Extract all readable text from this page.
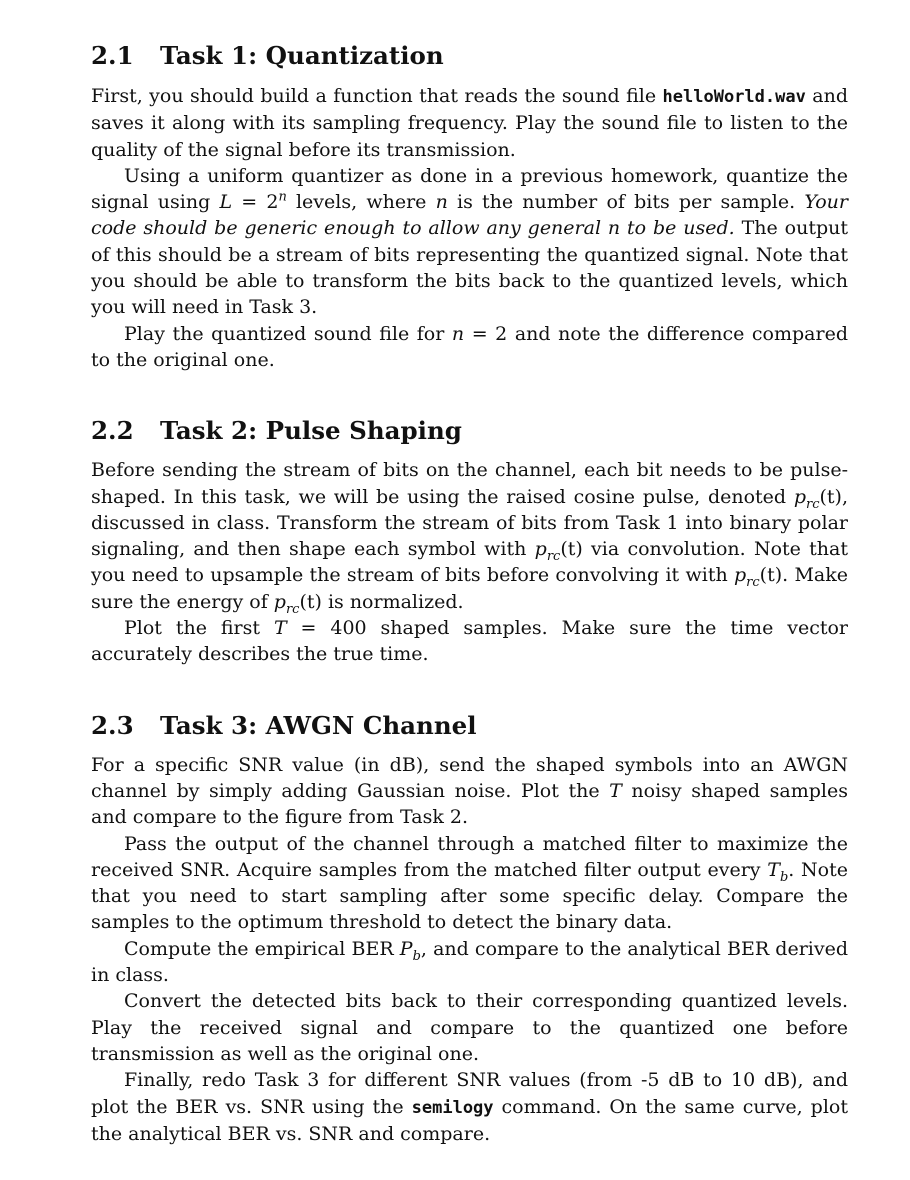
2.1 Task 1: Quantization

First, you should build a function that reads the sound file helloWorld.wav and saves it along with its sampling frequency. Play the sound file to listen to the quality of the signal before its transmission.

Using a uniform quantizer as done in a previous homework, quantize the signal using $L = 2^n$ levels, where n is the number of bits per sample. Your code should be generic enough to allow any general n to be used. The output of this should be a stream of bits representing the quantized signal. Note that you should be able to transform the bits back to the quantized levels, which you will need in Task 3.

Play the quantized sound file for n = 2 and note the difference compared to the original one.

2.2 Task 2: Pulse Shaping

Before sending the stream of bits on the channel, each bit needs to be pulse-shaped. In this task, we will be using the raised cosine pulse, denoted $p_{rc}(t)$, discussed in class. Transform the stream of bits from Task 1 into binary polar signaling, and then shape each symbol with $p_{rc}(t)$ via convolution. Note that you need to upsample the stream of bits before convolving it with $p_{rc}(t)$. Make sure the energy of $p_{rc}(t)$ is normalized.

Plot the first T = 400 shaped samples. Make sure the time vector accurately describes the true time.

2.3 Task 3: AWGN Channel

For a specific SNR value (in dB), send the shaped symbols into an AWGN channel by simply adding Gaussian noise. Plot the T noisy shaped samples and compare to the figure from Task 2.

Pass the output of the channel through a matched filter to maximize the received SNR. Acquire samples from the matched filter output every $T_b$. Note that you need to start sampling after some specific delay. Compare the samples to the optimum threshold to detect the binary data.

Compute the empirical BER $P_b$, and compare to the analytical BER derived in class.

Convert the detected bits back to their corresponding quantized levels. Play the received signal and compare to the quantized one before transmission as well as the original one.

Finally, redo Task 3 for different SNR values (from -5 dB to 10 dB), and plot the BER vs. SNR using the semilogy command. On the same curve, plot the analytical BER vs. SNR and compare.
